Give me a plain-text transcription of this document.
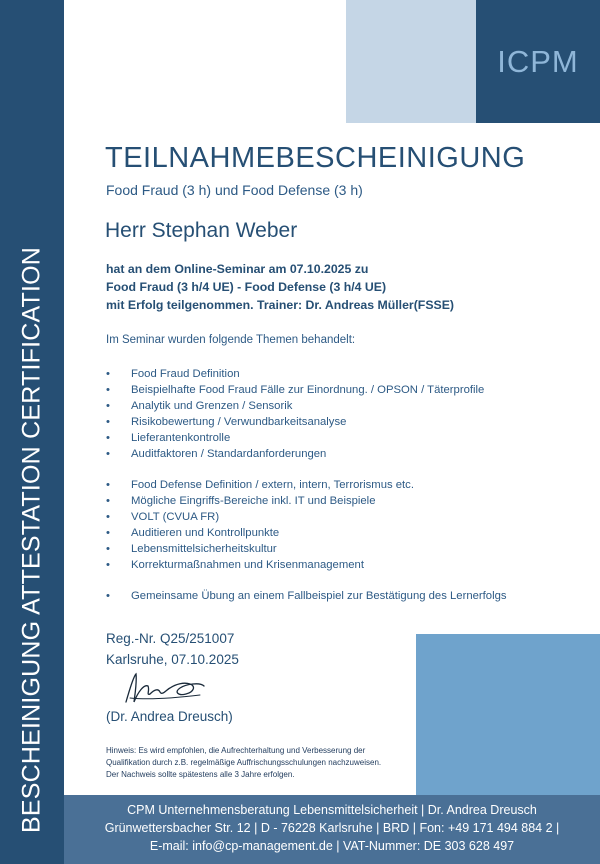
BESCHEINIGUNG ATTESTATION CERTIFICATION
ICPM
TEILNAHMEBESCHEINIGUNG
Food Fraud (3 h) und Food Defense (3 h)
Herr Stephan Weber
hat an dem Online-Seminar am 07.10.2025 zu
Food Fraud (3 h/4 UE) - Food Defense (3 h/4 UE)
mit Erfolg teilgenommen. Trainer: Dr. Andreas Müller(FSSE)
Im Seminar wurden folgende Themen behandelt:
• Food Fraud Definition
• Beispielhafte Food Fraud Fälle zur Einordnung. / OPSON / Täterprofile
• Analytik und Grenzen / Sensorik
• Risikobewertung / Verwundbarkeitsanalyse
• Lieferantenkontrolle
• Auditfaktoren / Standardanforderungen
• Food Defense Definition / extern, intern, Terrorismus etc.
• Mögliche Eingriffs-Bereiche inkl. IT und Beispiele
• VOLT (CVUA FR)
• Auditieren und Kontrollpunkte
• Lebensmittelsicherheitskultur
• Korrekturmaßnahmen und Krisenmanagement
• Gemeinsame Übung an einem Fallbeispiel zur Bestätigung des Lernerfolgs
Reg.-Nr. Q25/251007
Karlsruhe, 07.10.2025
(Dr. Andrea Dreusch)
Hinweis: Es wird empfohlen, die Aufrechterhaltung und Verbesserung der
Qualifikation durch z.B. regelmäßige Auffrischungsschulungen nachzuweisen.
Der Nachweis sollte spätestens alle 3 Jahre erfolgen.
CPM Unternehmensberatung Lebensmittelsicherheit | Dr. Andrea Dreusch
Grünwettersbacher Str. 12 | D - 76228 Karlsruhe | BRD | Fon: +49 171 494 884 2 |
E-mail: info@cp-management.de | VAT-Nummer: DE 303 628 497
